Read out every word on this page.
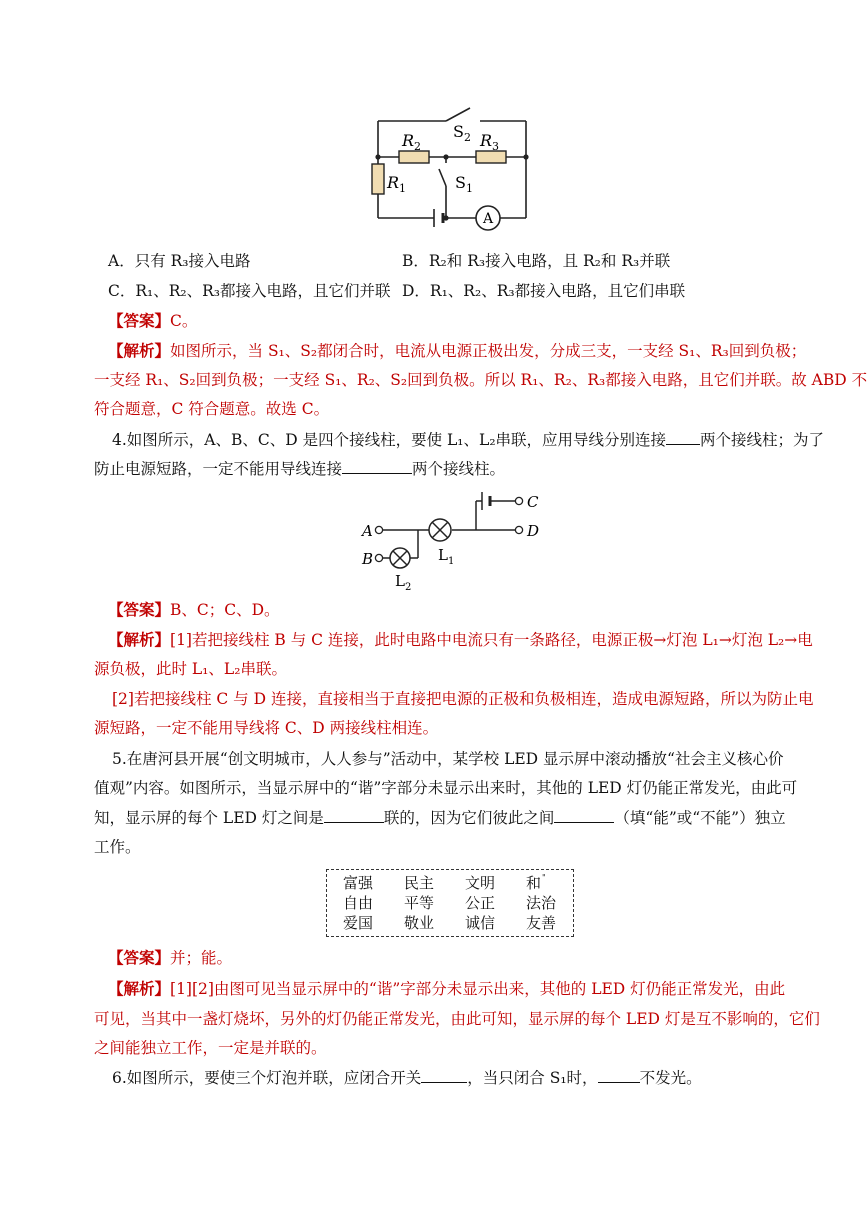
A
$S_2$
$R_2$	$R_3$
$R_1$	$S_1$
A．只有 R₃接入电路	B．R₂和 R₃接入电路，且 R₂和 R₃并联
C．R₁、R₂、R₃都接入电路，且它们并联 D．R₁、R₂、R₃都接入电路，且它们串联
【答案】C。
【解析】如图所示，当 S₁、S₂都闭合时，电流从电源正极出发，分成三支，一支经 S₁、R₃回到负极；
一支经 R₁、S₂回到负极；一支经 S₁、R₂、S₂回到负极。所以 R₁、R₂、R₃都接入电路，且它们并联。故 ABD 不
符合题意，C 符合题意。故选 C。
4.如图所示，A、B、C、D 是四个接线柱，要使 L₁、L₂串联，应用导线分别连接 两个接线柱；为了
防止电源短路，一定不能用导线连接	两个接线柱。
A
B
C
D
$L_1$
$L_2$
【答案】B、C；C、D。
【解析】[1]若把接线柱 B 与 C 连接，此时电路中电流只有一条路径，电源正极→灯泡 L₁→灯泡 L₂→电
源负极，此时 L₁、L₂串联。
[2]若把接线柱 C 与 D 连接，直接相当于直接把电源的正极和负极相连，造成电源短路，所以为防止电
源短路，一定不能用导线将 C、D 两接线柱相连。
5.在唐河县开展“创文明城市，人人参与”活动中，某学校 LED 显示屏中滚动播放“社会主义核心价
值观”内容。如图所示，当显示屏中的“谐”字部分未显示出来时，其他的 LED 灯仍能正常发光，由此可
知，显示屏的每个 LED 灯之间是	联的，因为它们彼此之间	（填“能”或“不能”）独立
工作。
富强 民主 文明 和 ''
自由 平等 公正 法治
爱国 敬业 诚信 友善
【答案】并；能。
【解析】[1][2]由图可见当显示屏中的“谐”字部分未显示出来，其他的 LED 灯仍能正常发光，由此
可见，当其中一盏灯烧坏，另外的灯仍能正常发光，由此可知，显示屏的每个 LED 灯是互不影响的，它们
之间能独立工作，一定是并联的。
6.如图所示，要使三个灯泡并联，应闭合开关	，当只闭合 S₁时，	不发光。
